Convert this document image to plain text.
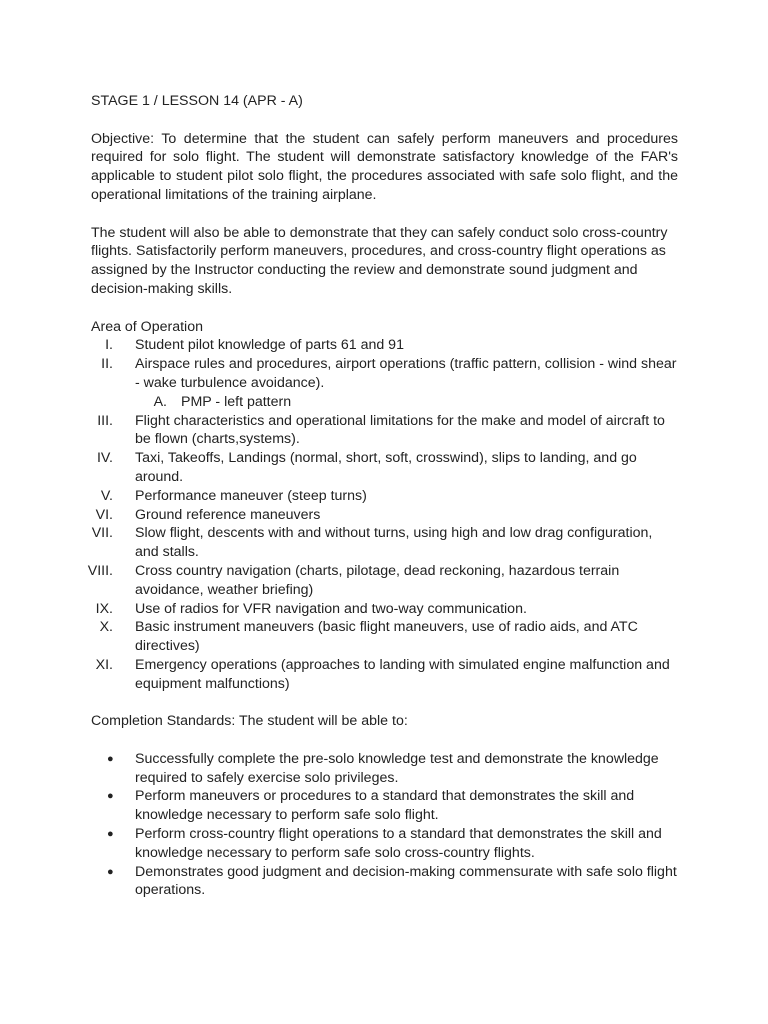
STAGE 1 / LESSON 14 (APR - A)

Objective: To determine that the student can safely perform maneuvers and procedures required for solo flight. The student will demonstrate satisfactory knowledge of the FAR's applicable to student pilot solo flight, the procedures associated with safe solo flight, and the operational limitations of the training airplane.

The student will also be able to demonstrate that they can safely conduct solo cross-country flights. Satisfactorily perform maneuvers, procedures, and cross-country flight operations as assigned by the Instructor conducting the review and demonstrate sound judgment and decision-making skills.

Area of Operation

I. Student pilot knowledge of parts 61 and 91
II. Airspace rules and procedures, airport operations (traffic pattern, collision - wind shear - wake turbulence avoidance).
A. PMP - left pattern
III. Flight characteristics and operational limitations for the make and model of aircraft to be flown (charts,systems).
IV. Taxi, Takeoffs, Landings (normal, short, soft, crosswind), slips to landing, and go around.
V. Performance maneuver (steep turns)
VI. Ground reference maneuvers
VII. Slow flight, descents with and without turns, using high and low drag configuration, and stalls.
VIII. Cross country navigation (charts, pilotage, dead reckoning, hazardous terrain avoidance, weather briefing)
IX. Use of radios for VFR navigation and two-way communication.
X. Basic instrument maneuvers (basic flight maneuvers, use of radio aids, and ATC directives)
XI. Emergency operations (approaches to landing with simulated engine malfunction and equipment malfunctions)

Completion Standards: The student will be able to:

● Successfully complete the pre-solo knowledge test and demonstrate the knowledge required to safely exercise solo privileges.
● Perform maneuvers or procedures to a standard that demonstrates the skill and knowledge necessary to perform safe solo flight.
● Perform cross-country flight operations to a standard that demonstrates the skill and knowledge necessary to perform safe solo cross-country flights.
● Demonstrates good judgment and decision-making commensurate with safe solo flight operations.
